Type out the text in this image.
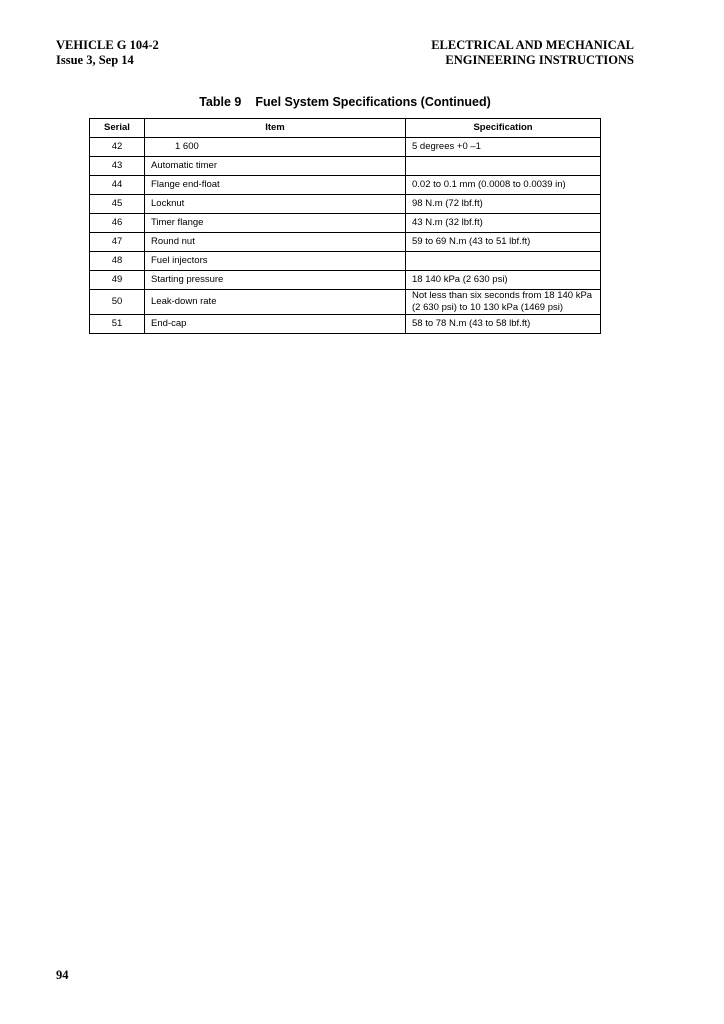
VEHICLE G 104-2
Issue 3, Sep 14
ELECTRICAL AND MECHANICAL
ENGINEERING INSTRUCTIONS
Table 9 Fuel System Specifications (Continued)
Serial	Item	Specification
42	1 600	5 degrees +0 –1
43	Automatic timer	
44	Flange end-float	0.02 to 0.1 mm (0.0008 to 0.0039 in)
45	Locknut	98 N.m (72 lbf.ft)
46	Timer flange	43 N.m (32 lbf.ft)
47	Round nut	59 to 69 N.m (43 to 51 lbf.ft)
48	Fuel injectors	
49	Starting pressure	18 140 kPa (2 630 psi)
50	Leak-down rate	Not less than six seconds from 18 140 kPa (2 630 psi) to 10 130 kPa (1469 psi)
51	End-cap	58 to 78 N.m (43 to 58 lbf.ft)
94
